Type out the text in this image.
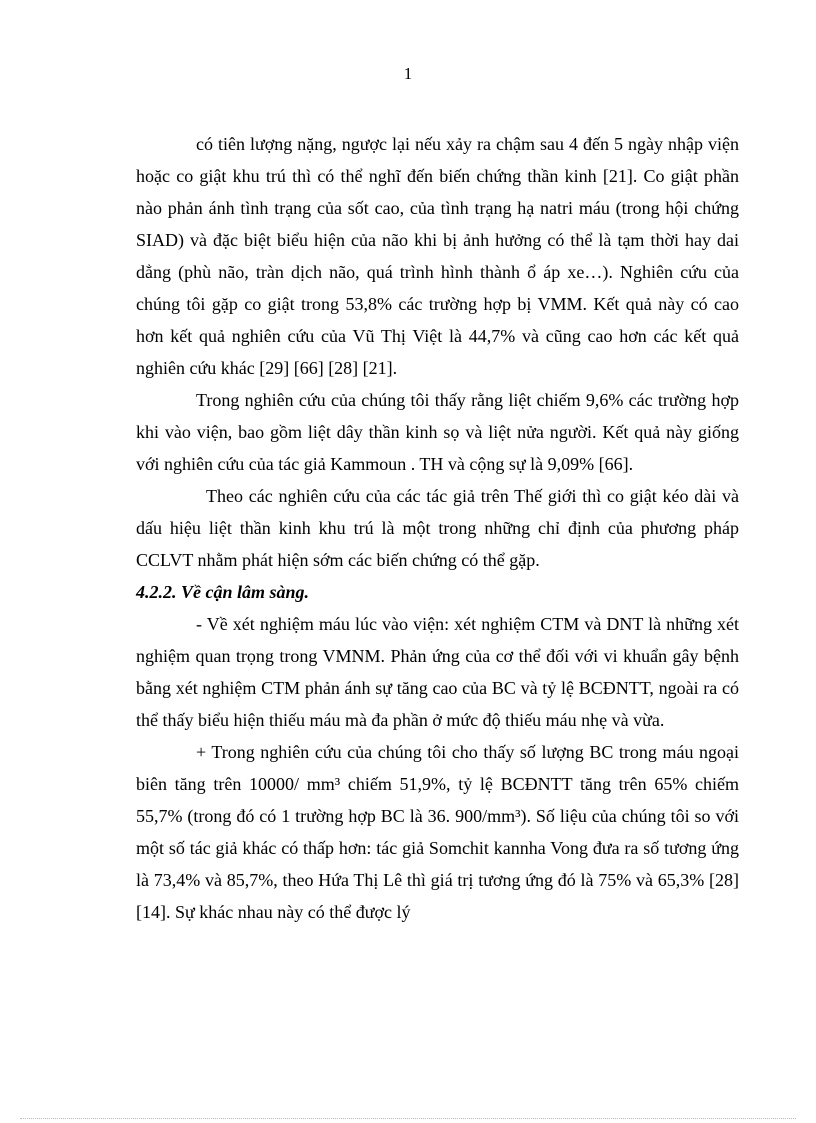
1

có tiên lượng nặng, ngược lại nếu xảy ra chậm sau 4 đến 5 ngày nhập viện hoặc co giật khu trú thì có thể nghĩ đến biến chứng thần kinh [21]. Co giật phần nào phản ánh tình trạng của sốt cao, của tình trạng hạ natri máu (trong hội chứng SIAD) và đặc biệt biểu hiện của não khi bị ảnh hưởng có thể là tạm thời hay dai dẳng (phù não, tràn dịch não, quá trình hình thành ổ áp xe…). Nghiên cứu của chúng tôi gặp co giật trong 53,8% các trường hợp bị VMM. Kết quả này có cao hơn kết quả nghiên cứu của Vũ Thị Việt là 44,7% và cũng cao hơn các kết quả nghiên cứu khác [29] [66] [28] [21].

Trong nghiên cứu của chúng tôi thấy rằng liệt chiếm 9,6% các trường hợp khi vào viện, bao gồm liệt dây thần kinh sọ và liệt nửa người. Kết quả này giống với nghiên cứu của tác giả Kammoun . TH và cộng sự là 9,09% [66].

Theo các nghiên cứu của các tác giả trên Thế giới thì co giật kéo dài và dấu hiệu liệt thần kinh khu trú là một trong những chỉ định của phương pháp CCLVT nhằm phát hiện sớm các biến chứng có thể gặp.

4.2.2. Về cận lâm sàng.

- Về xét nghiệm máu lúc vào viện: xét nghiệm CTM và DNT là những xét nghiệm quan trọng trong VMNM. Phản ứng của cơ thể đối với vi khuẩn gây bệnh bằng xét nghiệm CTM phản ánh sự tăng cao của BC và tỷ lệ BCĐNTT, ngoài ra có thể thấy biểu hiện thiếu máu mà đa phần ở mức độ thiếu máu nhẹ và vừa.

+ Trong nghiên cứu của chúng tôi cho thấy số lượng BC trong máu ngoại biên tăng trên 10000/ mm³ chiếm 51,9%, tỷ lệ BCĐNTT tăng trên 65% chiếm 55,7% (trong đó có 1 trường hợp BC là 36. 900/mm³). Số liệu của chúng tôi so với một số tác giả khác có thấp hơn: tác giả Somchit kannha Vong đưa ra số tương ứng là 73,4% và 85,7%, theo Hứa Thị Lê thì giá trị tương ứng đó là 75% và 65,3% [28] [14]. Sự khác nhau này có thể được lý
